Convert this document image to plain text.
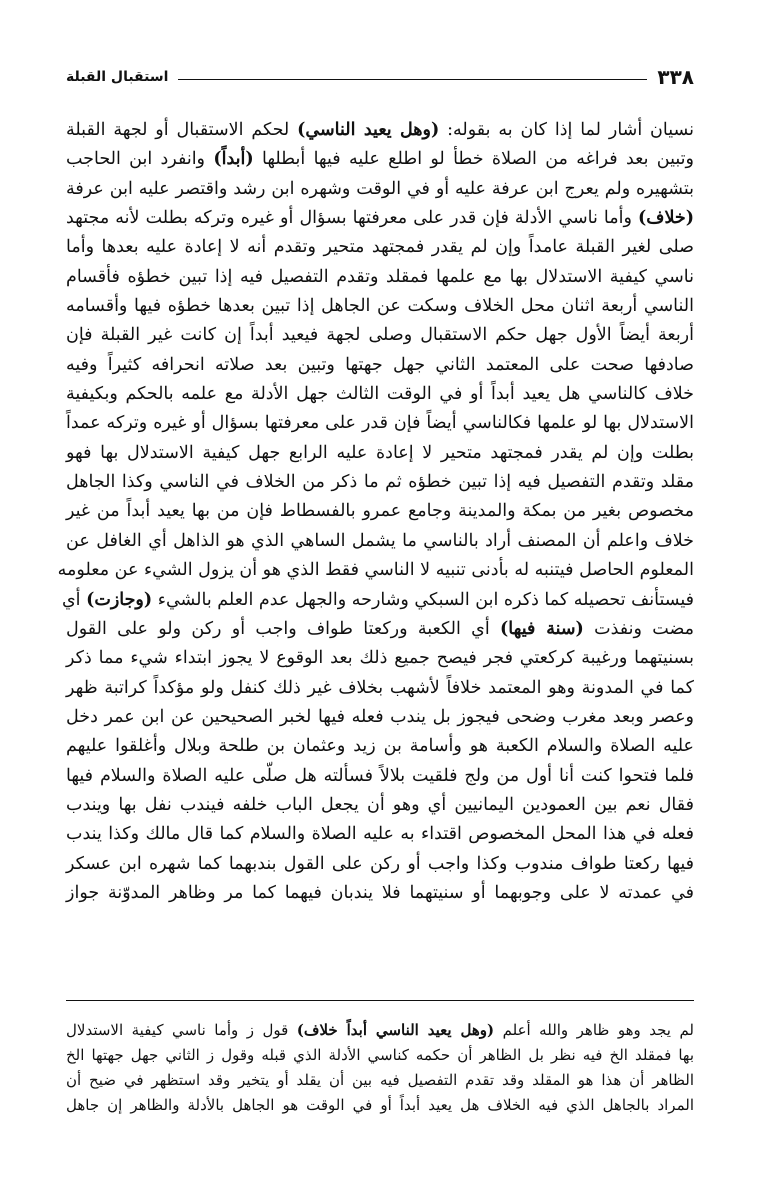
٣٣٨
استقبال القبلة
نسيان أشار لما إذا كان به بقوله: (وهل يعيد الناسي) لحكم الاستقبال أو لجهة القبلة
وتبين بعد فراغه من الصلاة خطأ لو اطلع عليه فيها أبطلها (أبداً) وانفرد ابن الحاجب
بتشهيره ولم يعرج ابن عرفة عليه أو في الوقت وشهره ابن رشد واقتصر عليه ابن عرفة
(خلاف) وأما ناسي الأدلة فإن قدر على معرفتها بسؤال أو غيره وتركه بطلت لأنه مجتهد
صلى لغير القبلة عامداً وإن لم يقدر فمجتهد متحير وتقدم أنه لا إعادة عليه بعدها وأما
ناسي كيفية الاستدلال بها مع علمها فمقلد وتقدم التفصيل فيه إذا تبين خطؤه فأقسام
الناسي أربعة اثنان محل الخلاف وسكت عن الجاهل إذا تبين بعدها خطؤه فيها وأقسامه
أربعة أيضاً الأول جهل حكم الاستقبال وصلى لجهة فيعيد أبداً إن كانت غير القبلة فإن
صادفها صحت على المعتمد الثاني جهل جهتها وتبين بعد صلاته انحرافه كثيراً وفيه
خلاف كالناسي هل يعيد أبداً أو في الوقت الثالث جهل الأدلة مع علمه بالحكم وبكيفية
الاستدلال بها لو علمها فكالناسي أيضاً فإن قدر على معرفتها بسؤال أو غيره وتركه عمداً
بطلت وإن لم يقدر فمجتهد متحير لا إعادة عليه الرابع جهل كيفية الاستدلال بها فهو
مقلد وتقدم التفصيل فيه إذا تبين خطؤه ثم ما ذكر من الخلاف في الناسي وكذا الجاهل
مخصوص بغير من بمكة والمدينة وجامع عمرو بالفسطاط فإن من بها يعيد أبداً من غير
خلاف واعلم أن المصنف أراد بالناسي ما يشمل الساهي الذي هو الذاهل أي الغافل عن
المعلوم الحاصل فيتنبه له بأدنى تنبيه لا الناسي فقط الذي هو أن يزول الشيء عن معلومه
فيستأنف تحصيله كما ذكره ابن السبكي وشارحه والجهل عدم العلم بالشيء (وجازت) أي
مضت ونفذت (سنة فيها) أي الكعبة وركعتا طواف واجب أو ركن ولو على القول
بسنيتهما ورغيبة كركعتي فجر فيصح جميع ذلك بعد الوقوع لا يجوز ابتداء شيء مما ذكر
كما في المدونة وهو المعتمد خلافاً لأشهب بخلاف غير ذلك كنفل ولو مؤكداً كراتبة ظهر
وعصر وبعد مغرب وضحى فيجوز بل يندب فعله فيها لخبر الصحيحين عن ابن عمر دخل
عليه الصلاة والسلام الكعبة هو وأسامة بن زيد وعثمان بن طلحة وبلال وأغلقوا عليهم
فلما فتحوا كنت أنا أول من ولج فلقيت بلالاً فسألته هل صلّى عليه الصلاة والسلام فيها
فقال نعم بين العمودين اليمانيين أي وهو أن يجعل الباب خلفه فيندب نفل بها ويندب
فعله في هذا المحل المخصوص اقتداء به عليه الصلاة والسلام كما قال مالك وكذا يندب
فيها ركعتا طواف مندوب وكذا واجب أو ركن على القول بندبهما كما شهره ابن عسكر
في عمدته لا على وجوبهما أو سنيتهما فلا يندبان فيهما كما مر وظاهر المدوّنة جواز
لم يجد وهو ظاهر والله أعلم (وهل يعيد الناسي أبداً خلاف) قول ز وأما ناسي كيفية الاستدلال
بها فمقلد الخ فيه نظر بل الظاهر أن حكمه كناسي الأدلة الذي قبله وقول ز الثاني جهل جهتها الخ
الظاهر أن هذا هو المقلد وقد تقدم التفصيل فيه بين أن يقلد أو يتخير وقد استظهر في ضيح أن
المراد بالجاهل الذي فيه الخلاف هل يعيد أبداً أو في الوقت هو الجاهل بالأدلة والظاهر إن جاهل
